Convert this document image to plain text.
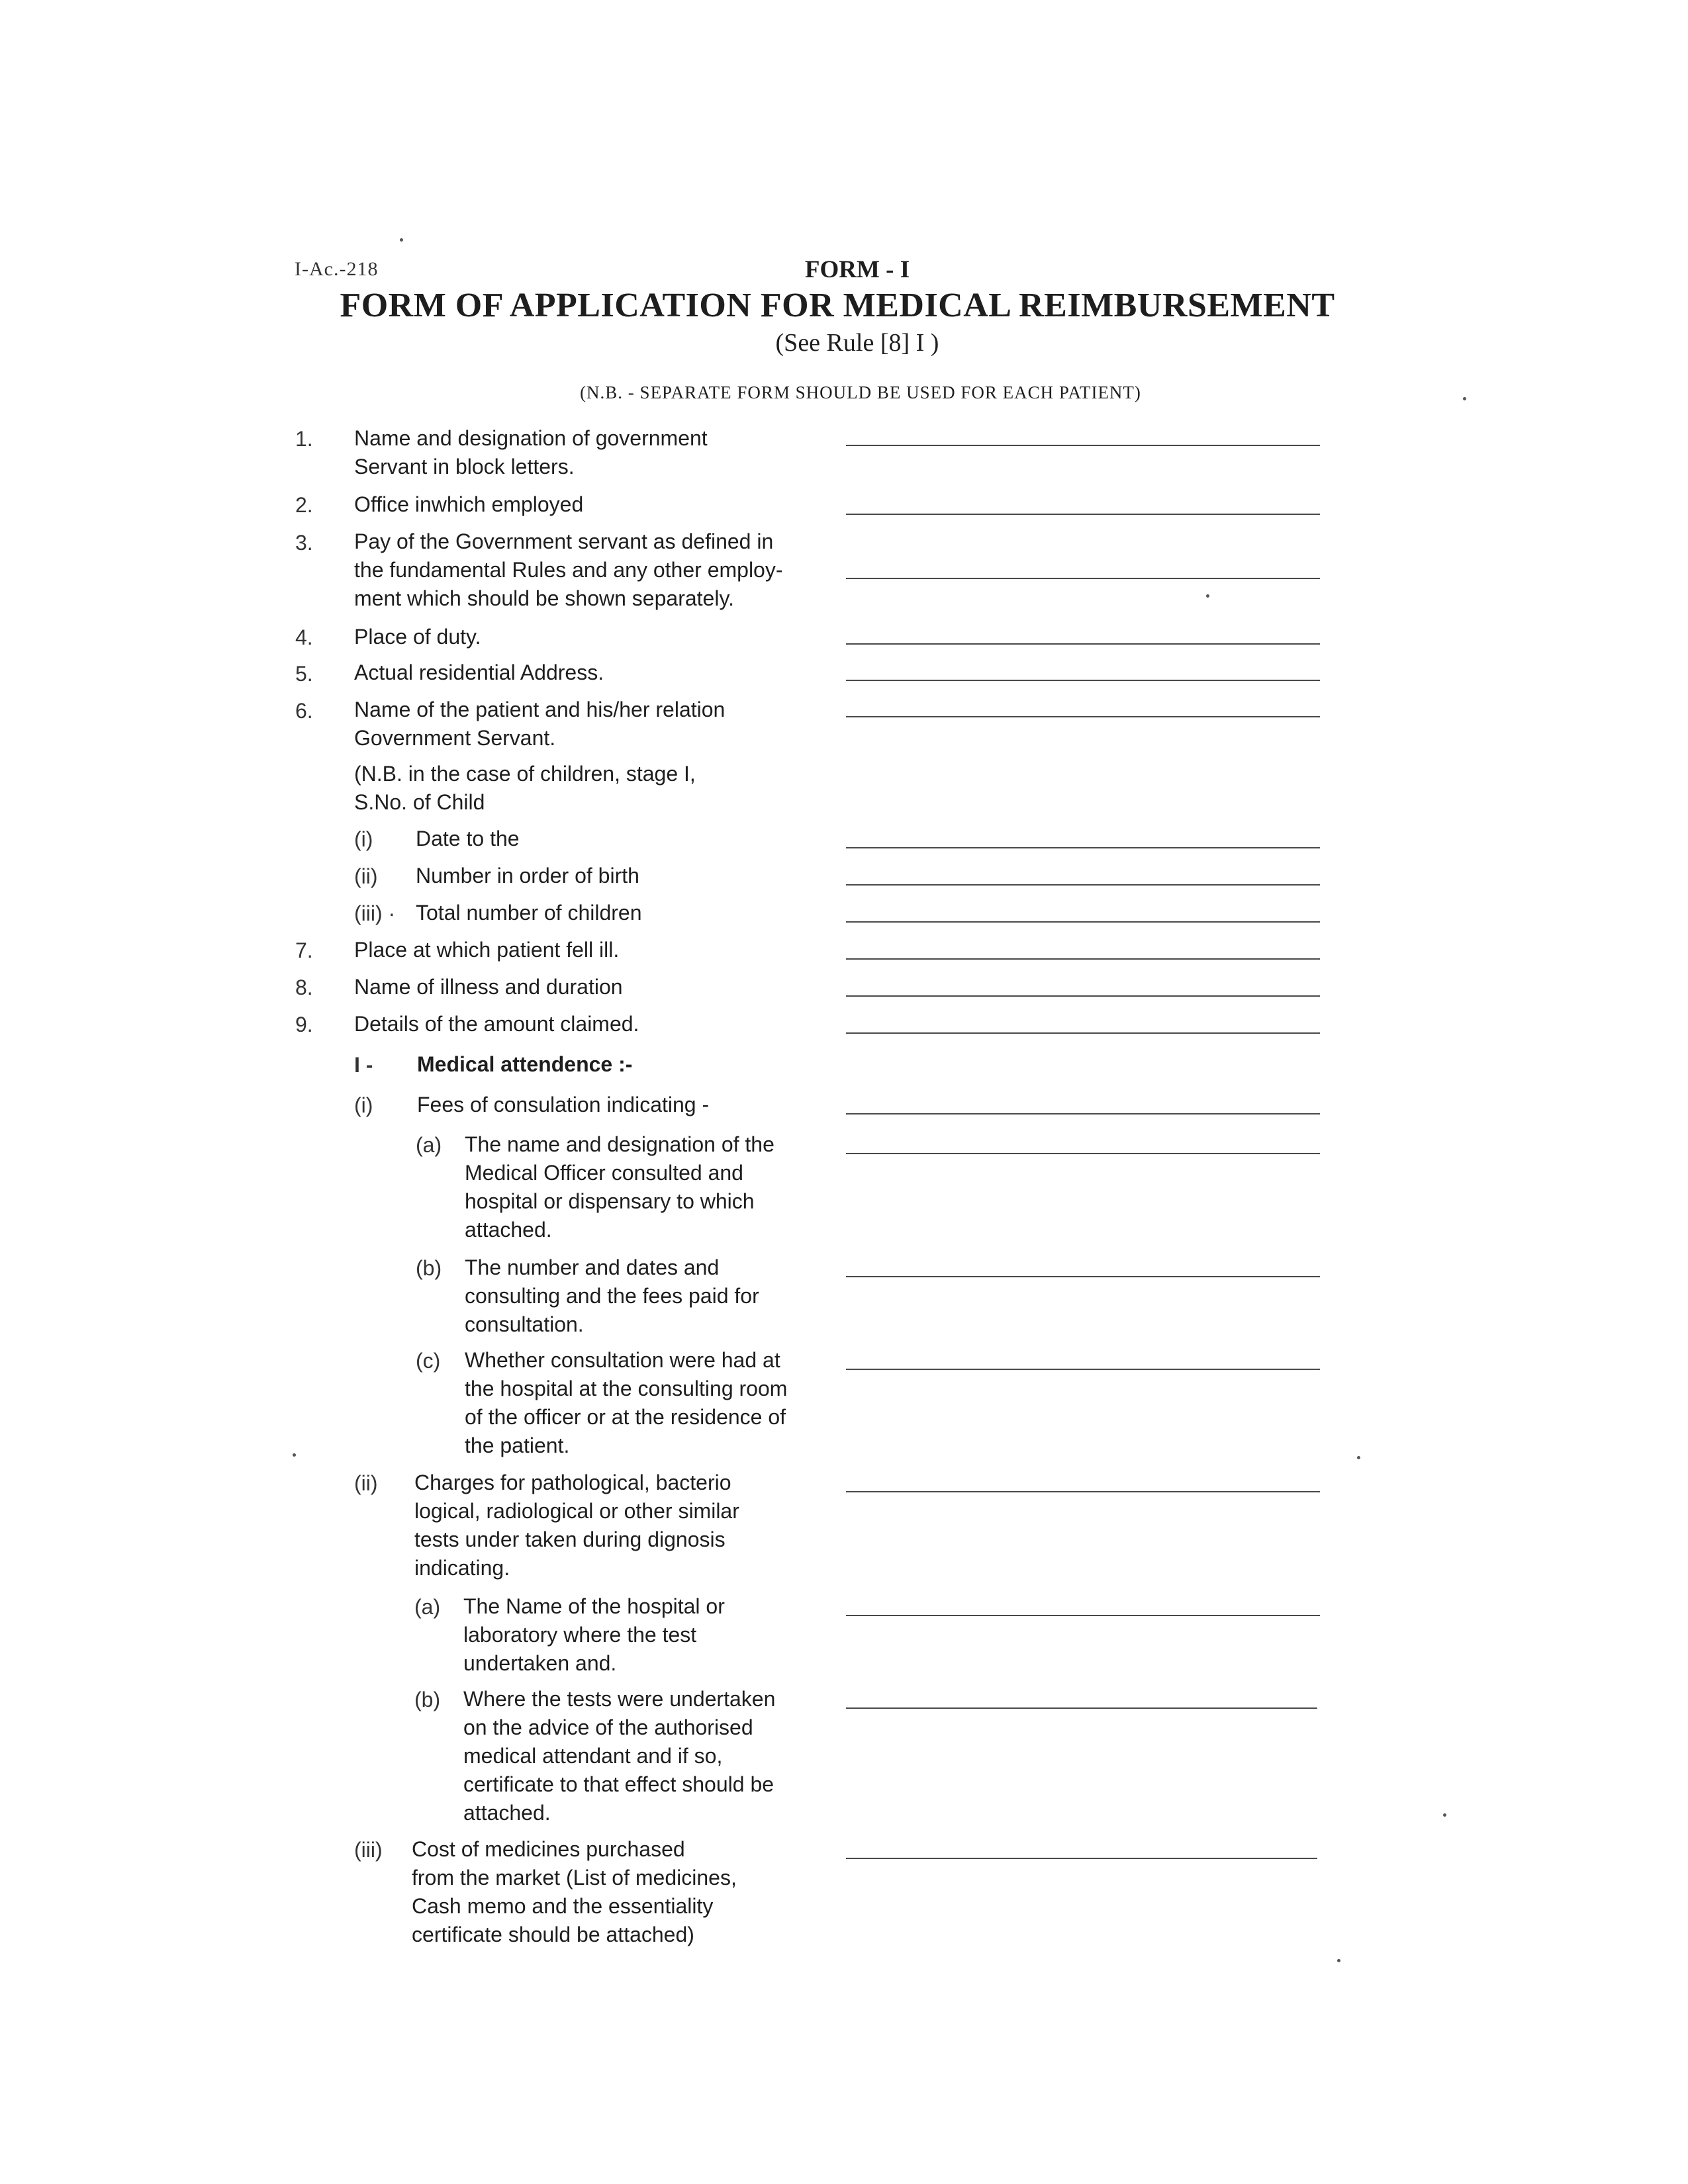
I-Ac.-218	FORM - I
FORM OF APPLICATION FOR MEDICAL REIMBURSEMENT
(See Rule [8] I )
(N.B. - SEPARATE FORM SHOULD BE USED FOR EACH PATIENT)
1. Name and designation of government
Servant in block letters.
2. Office inwhich employed
3. Pay of the Government servant as defined in
the fundamental Rules and any other employ-
ment which should be shown separately.
4. Place of duty.
5. Actual residential Address.
6. Name of the patient and his/her relation
Government Servant.
(N.B. in the case of children, stage I,
S.No. of Child
(i) Date to the
(ii) Number in order of birth
(iii) · Total number of children
7. Place at which patient fell ill.
8. Name of illness and duration
9. Details of the amount claimed.
I - Medical attendence :-
(i) Fees of consulation indicating -
(a) The name and designation of the
Medical Officer consulted and
hospital or dispensary to which
attached.
(b) The number and dates and
consulting and the fees paid for
consultation.
(c) Whether consultation were had at
the hospital at the consulting room
of the officer or at the residence of
the patient.
(ii) Charges for pathological, bacterio
logical, radiological or other similar
tests under taken during dignosis
indicating.
(a) The Name of the hospital or
laboratory where the test
undertaken and.
(b) Where the tests were undertaken
on the advice of the authorised
medical attendant and if so,
certificate to that effect should be
attached.
(iii) Cost of medicines purchased
from the market (List of medicines,
Cash memo and the essentiality
certificate should be attached)
